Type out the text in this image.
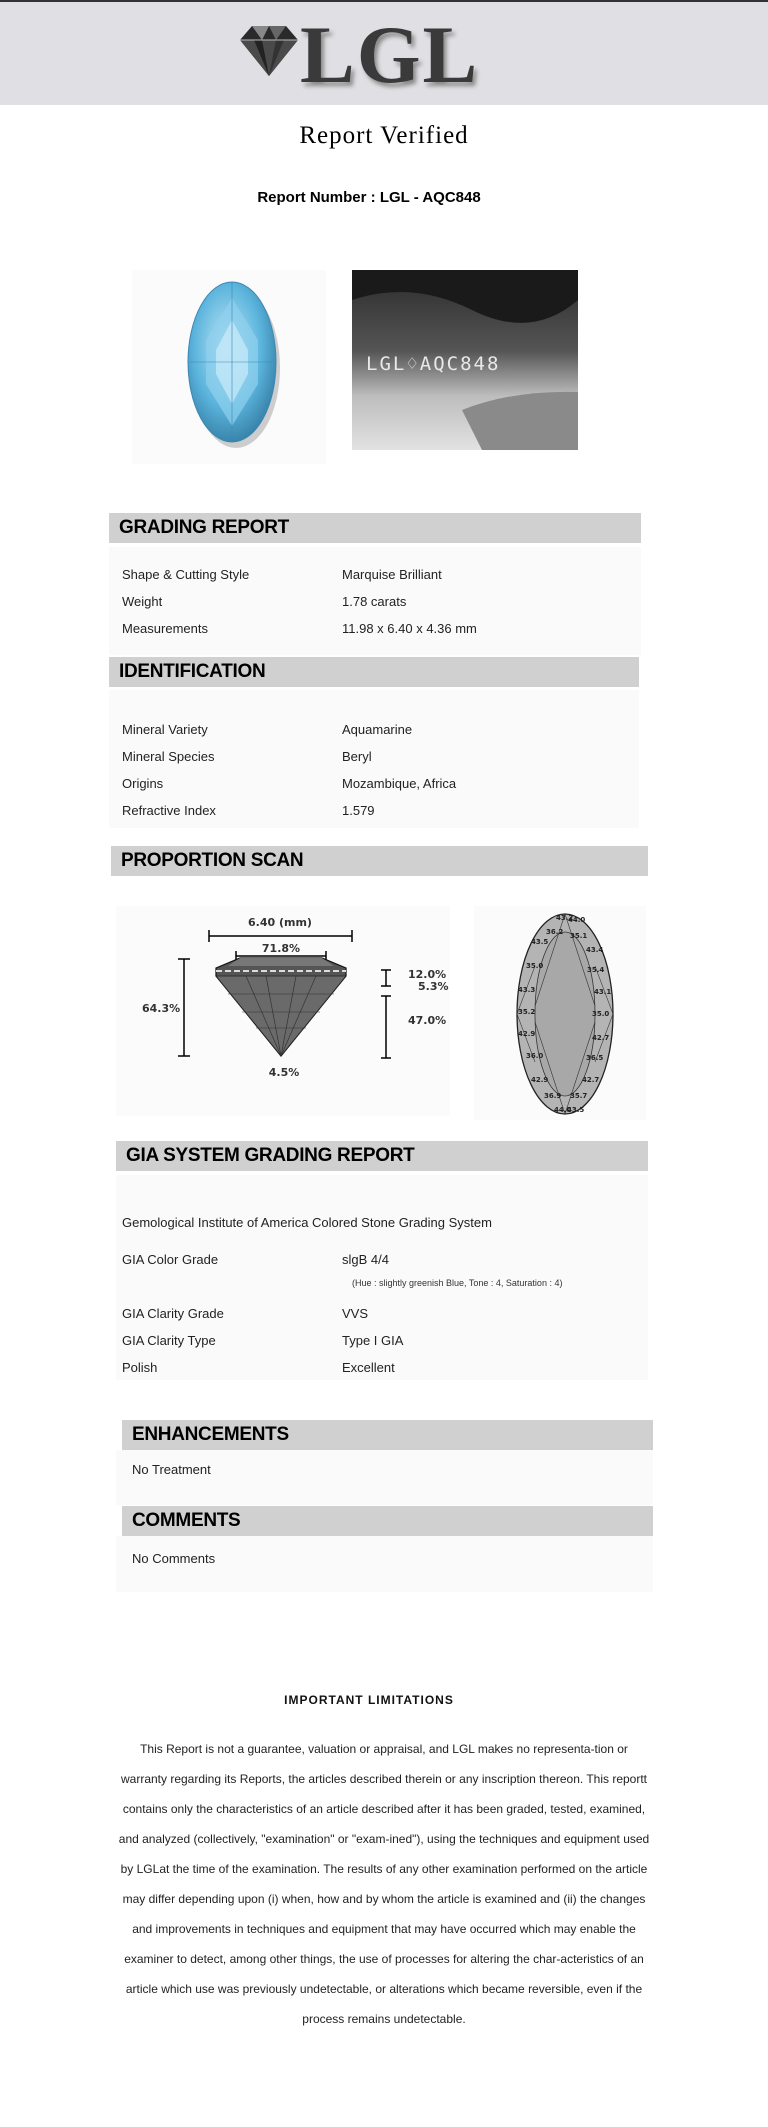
LGL
Report Verified
Report Number : LGL - AQC848
LGL♢AQC848
GRADING REPORT
Shape & Cutting Style	Marquise Brilliant
Weight	1.78 carats
Measurements	11.98 x 6.40 x 4.36 mm
IDENTIFICATION
Mineral Variety	Aquamarine
Mineral Species	Beryl
Origins	Mozambique, Africa
Refractive Index	1.579
PROPORTION SCAN
6.40 (mm)
71.8%
64.3%
12.0%
5.3%
47.0%
4.5%
43.2
44.0
36.2 35.1
43.5
43.4
35.0	35.4
43.3	43.1
35.2	35.0
42.9	42.7
36.0	36.5
42.9	42.7
36.9 35.7
44.0
43.5
GIA SYSTEM GRADING REPORT
Gemological Institute of America Colored Stone Grading System
GIA Color Grade	slgB 4/4
(Hue : slightly greenish Blue, Tone : 4, Saturation : 4)
GIA Clarity Grade	VVS
GIA Clarity Type	Type I GIA
Polish	Excellent
ENHANCEMENTS
No Treatment
COMMENTS
No Comments
IMPORTANT LIMITATIONS
This Report is not a guarantee, valuation or appraisal, and LGL makes no representa-tion or warranty regarding its Reports, the articles described therein or any inscription thereon. This reportt contains only the characteristics of an article described after it has been graded, tested, examined, and analyzed (collectively, "examination" or "exam-ined"), using the techniques and equipment used by LGLat the time of the examination. The results of any other examination performed on the article may differ depending upon (i) when, how and by whom the article is examined and (ii) the changes and improvements in techniques and equipment that may have occurred which may enable the examiner to detect, among other things, the use of processes for altering the char-acteristics of an article which use was previously undetectable, or alterations which became reversible, even if the process remains undetectable.
